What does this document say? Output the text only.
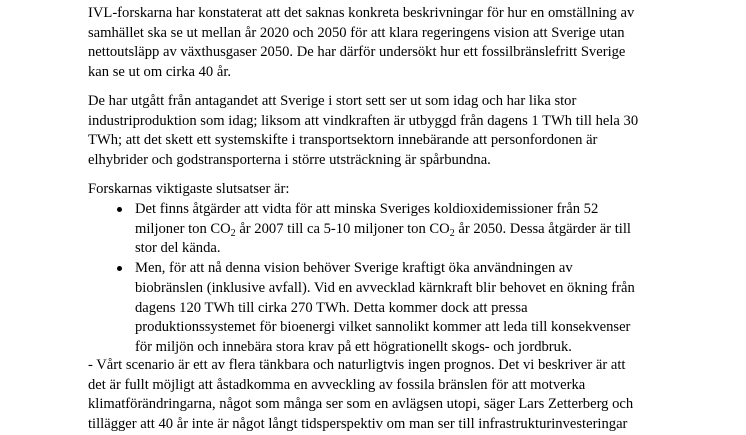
IVL-forskarna har konstaterat att det saknas konkreta beskrivningar för hur en omställning av
samhället ska se ut mellan år 2020 och 2050 för att klara regeringens vision att Sverige utan
nettoutsläpp av växthusgaser 2050. De har därför undersökt hur ett fossilbränslefritt Sverige
kan se ut om cirka 40 år.

De har utgått från antagandet att Sverige i stort sett ser ut som idag och har lika stor
industriproduktion som idag; liksom att vindkraften är utbyggd från dagens 1 TWh till hela 30
TWh; att det skett ett systemskifte i transportsektorn innebärande att personfordonen är
elhybrider och godstransporterna i större utsträckning är spårbundna.

Forskarnas viktigaste slutsatser är:

Det finns åtgärder att vidta för att minska Sveriges koldioxidemissioner från 52
miljoner ton $CO_2$ år 2007 till ca 5-10 miljoner ton $CO_2$ år 2050. Dessa åtgärder är till
stor del kända.
Men, för att nå denna vision behöver Sverige kraftigt öka användningen av
biobränslen (inklusive avfall). Vid en avvecklad kärnkraft blir behovet en ökning från
dagens 120 TWh till cirka 270 TWh. Detta kommer dock att pressa
produktionssystemet för bioenergi vilket sannolikt kommer att leda till konsekvenser
för miljön och innebära stora krav på ett högrationellt skogs- och jordbruk.

- Vårt scenario är ett av flera tänkbara och naturligtvis ingen prognos. Det vi beskriver är att
det är fullt möjligt att åstadkomma en avveckling av fossila bränslen för att motverka
klimatförändringarna, något som många ser som en avlägsen utopi, säger Lars Zetterberg och
tillägger att 40 år inte är något långt tidsperspektiv om man ser till infrastrukturinvesteringar
